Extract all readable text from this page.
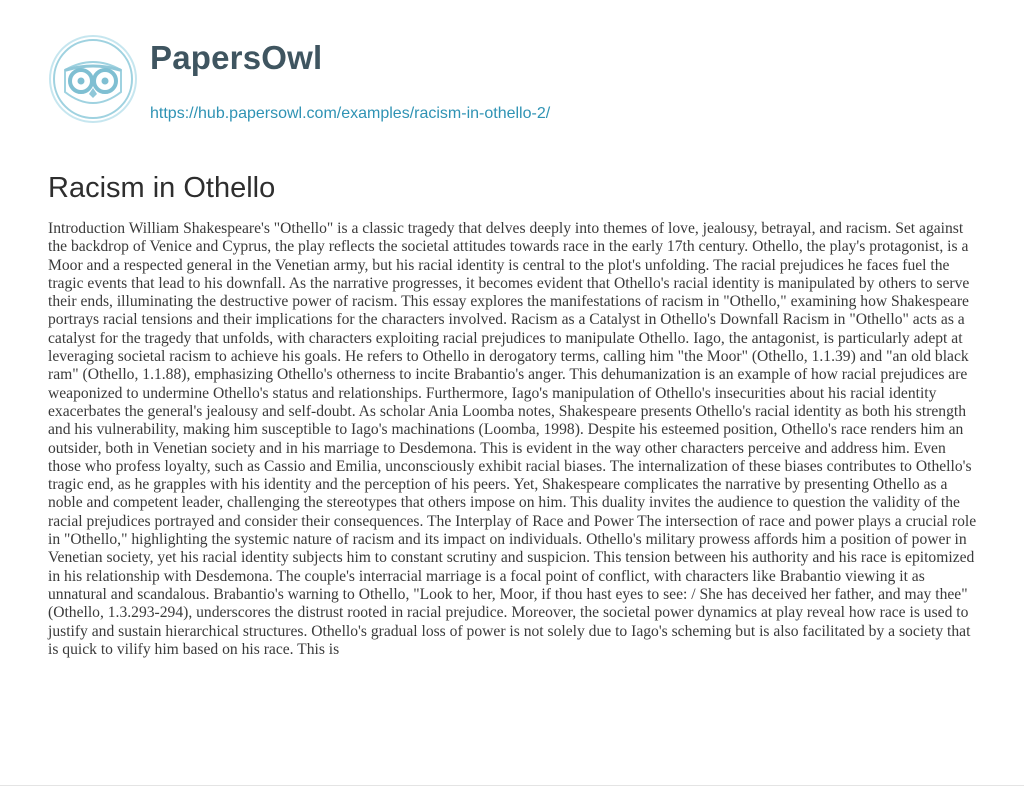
PapersOwl
https://hub.papersowl.com/examples/racism-in-othello-2/
Racism in Othello

Introduction William Shakespeare's "Othello" is a classic tragedy that delves deeply into themes of love, jealousy, betrayal, and racism. Set against the backdrop of Venice and Cyprus, the play reflects the societal attitudes towards race in the early 17th century. Othello, the play's protagonist, is a Moor and a respected general in the Venetian army, but his racial identity is central to the plot's unfolding. The racial prejudices he faces fuel the tragic events that lead to his downfall. As the narrative progresses, it becomes evident that Othello's racial identity is manipulated by others to serve their ends, illuminating the destructive power of racism. This essay explores the manifestations of racism in "Othello," examining how Shakespeare portrays racial tensions and their implications for the characters involved. Racism as a Catalyst in Othello's Downfall Racism in "Othello" acts as a catalyst for the tragedy that unfolds, with characters exploiting racial prejudices to manipulate Othello. Iago, the antagonist, is particularly adept at leveraging societal racism to achieve his goals. He refers to Othello in derogatory terms, calling him "the Moor" (Othello, 1.1.39) and "an old black ram" (Othello, 1.1.88), emphasizing Othello's otherness to incite Brabantio's anger. This dehumanization is an example of how racial prejudices are weaponized to undermine Othello's status and relationships. Furthermore, Iago's manipulation of Othello's insecurities about his racial identity exacerbates the general's jealousy and self-doubt. As scholar Ania Loomba notes, Shakespeare presents Othello's racial identity as both his strength and his vulnerability, making him susceptible to Iago's machinations (Loomba, 1998). Despite his esteemed position, Othello's race renders him an outsider, both in Venetian society and in his marriage to Desdemona. This is evident in the way other characters perceive and address him. Even those who profess loyalty, such as Cassio and Emilia, unconsciously exhibit racial biases. The internalization of these biases contributes to Othello's tragic end, as he grapples with his identity and the perception of his peers. Yet, Shakespeare complicates the narrative by presenting Othello as a noble and competent leader, challenging the stereotypes that others impose on him. This duality invites the audience to question the validity of the racial prejudices portrayed and consider their consequences. The Interplay of Race and Power The intersection of race and power plays a crucial role in "Othello," highlighting the systemic nature of racism and its impact on individuals. Othello's military prowess affords him a position of power in Venetian society, yet his racial identity subjects him to constant scrutiny and suspicion. This tension between his authority and his race is epitomized in his relationship with Desdemona. The couple's interracial marriage is a focal point of conflict, with characters like Brabantio viewing it as unnatural and scandalous. Brabantio's warning to Othello, "Look to her, Moor, if thou hast eyes to see: / She has deceived her father, and may thee" (Othello, 1.3.293-294), underscores the distrust rooted in racial prejudice. Moreover, the societal power dynamics at play reveal how race is used to justify and sustain hierarchical structures. Othello's gradual loss of power is not solely due to Iago's scheming but is also facilitated by a society that is quick to vilify him based on his race. This is
